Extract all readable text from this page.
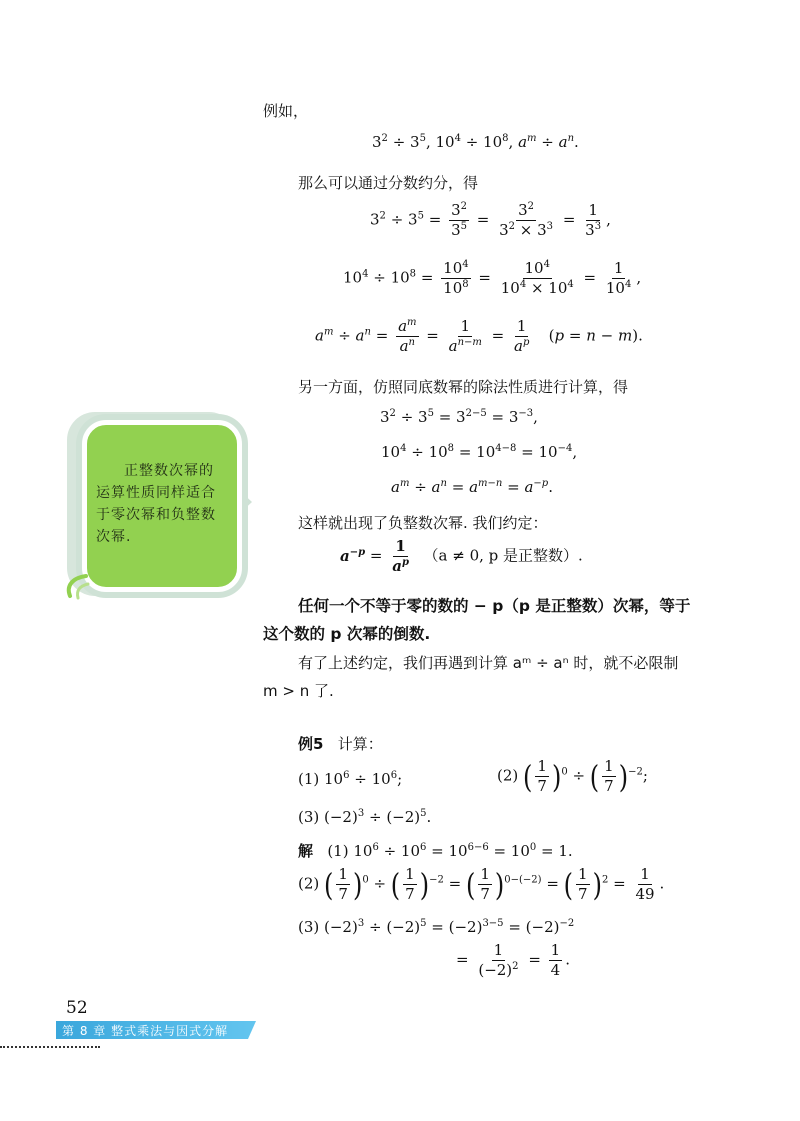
正整数次幂的运算性质同样适合于零次幂和负整数次幂.
例如，
$3^2 \div 3^5$, $10^4 \div 10^8$, $a^m \div a^n$.
那么可以通过分数约分，得
$3^2 \div 3^5 = \frac{3^2}{3^5} = \frac{3^2}{3^2 \times 3^3} = \frac{1}{3^3}$ ,
$10^4 \div 10^8 = \frac{10^4}{10^8} = \frac{10^4}{10^4 \times 10^4} = \frac{1}{10^4}$ ,
$a^m \div a^n = \frac{a^m}{a^n} = \frac{1}{a^{n-m}} = \frac{1}{a^p} (p = n - m)$.
另一方面，仿照同底数幂的除法性质进行计算，得
$3^2 \div 3^5 = 3^{2-5} = 3^{-3}$,
$10^4 \div 10^8 = 10^{4-8} = 10^{-4}$,
$a^m \div a^n = a^{m-n} = a^{-p}$.
这样就出现了负整数次幂. 我们约定：
$a^{-p} = \frac{1}{a^p} (a \ne 0$, p 是正整数）.
任何一个不等于零的数的 − p（p 是正整数）次幂，等于
这个数的 p 次幂的倒数.
有了上述约定，我们再遇到计算 aᵐ ÷ aⁿ 时，就不必限制
m > n 了.
例5 计算：
(1) $10^6 \div 10^6$;	(2) ( $\frac{1}{7} )^0$ ÷ ( $\frac{1}{7} )^{-2}$;
(3) $(-2)^3 \div (-2)^5$.
解   (1) $10^6 \div 10^6 = 10^{6-6} = 10^0 = 1$.
(2) ( $\frac{1}{7} )^0$ ÷ ( $\frac{1}{7} )^{-2}$ = ( $\frac{1}{7} )^{0-(-2)}$ = ( $\frac{1}{7} )^2 = \frac{1}{49}$ .
(3) $(-2)^3 \div (-2)^5 = (-2)^{3-5} = (-2)^{-2}$
= $\frac{1}{(-2)^2} = \frac{1}{4}$ .
52
第 8 章 整式乘法与因式分解
